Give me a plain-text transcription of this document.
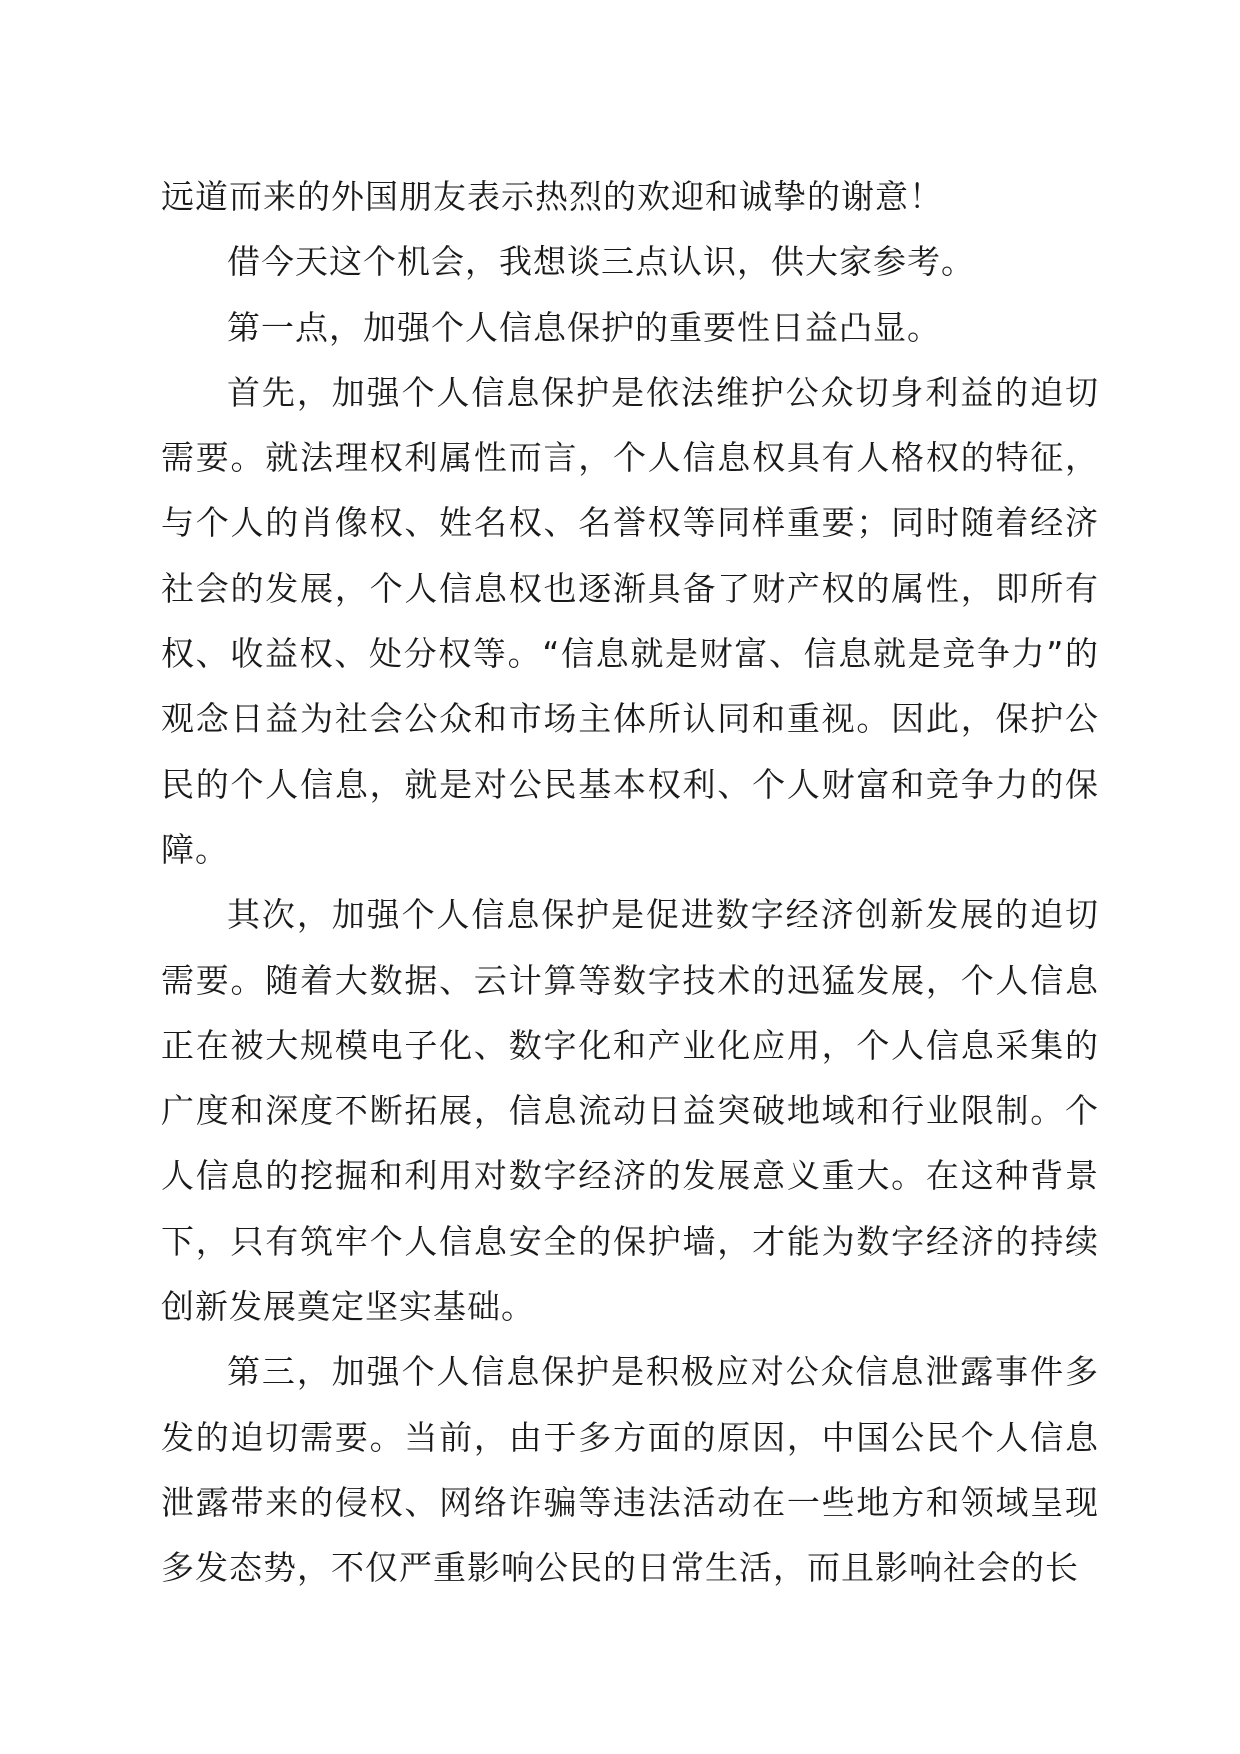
远道而来的外国朋友表示热烈的欢迎和诚挚的谢意！

借今天这个机会，我想谈三点认识，供大家参考。

第一点，加强个人信息保护的重要性日益凸显。

首先，加强个人信息保护是依法维护公众切身利益的迫切需要。就法理权利属性而言，个人信息权具有人格权的特征，与个人的肖像权、姓名权、名誉权等同样重要；同时随着经济社会的发展，个人信息权也逐渐具备了财产权的属性，即所有权、收益权、处分权等。“信息就是财富、信息就是竞争力”的观念日益为社会公众和市场主体所认同和重视。因此，保护公民的个人信息，就是对公民基本权利、个人财富和竞争力的保障。

其次，加强个人信息保护是促进数字经济创新发展的迫切需要。随着大数据、云计算等数字技术的迅猛发展，个人信息正在被大规模电子化、数字化和产业化应用，个人信息采集的广度和深度不断拓展，信息流动日益突破地域和行业限制。个人信息的挖掘和利用对数字经济的发展意义重大。在这种背景下，只有筑牢个人信息安全的保护墙，才能为数字经济的持续创新发展奠定坚实基础。

第三，加强个人信息保护是积极应对公众信息泄露事件多发的迫切需要。当前，由于多方面的原因，中国公民个人信息泄露带来的侵权、网络诈骗等违法活动在一些地方和领域呈现多发态势，不仅严重影响公民的日常生活，而且影响社会的长
